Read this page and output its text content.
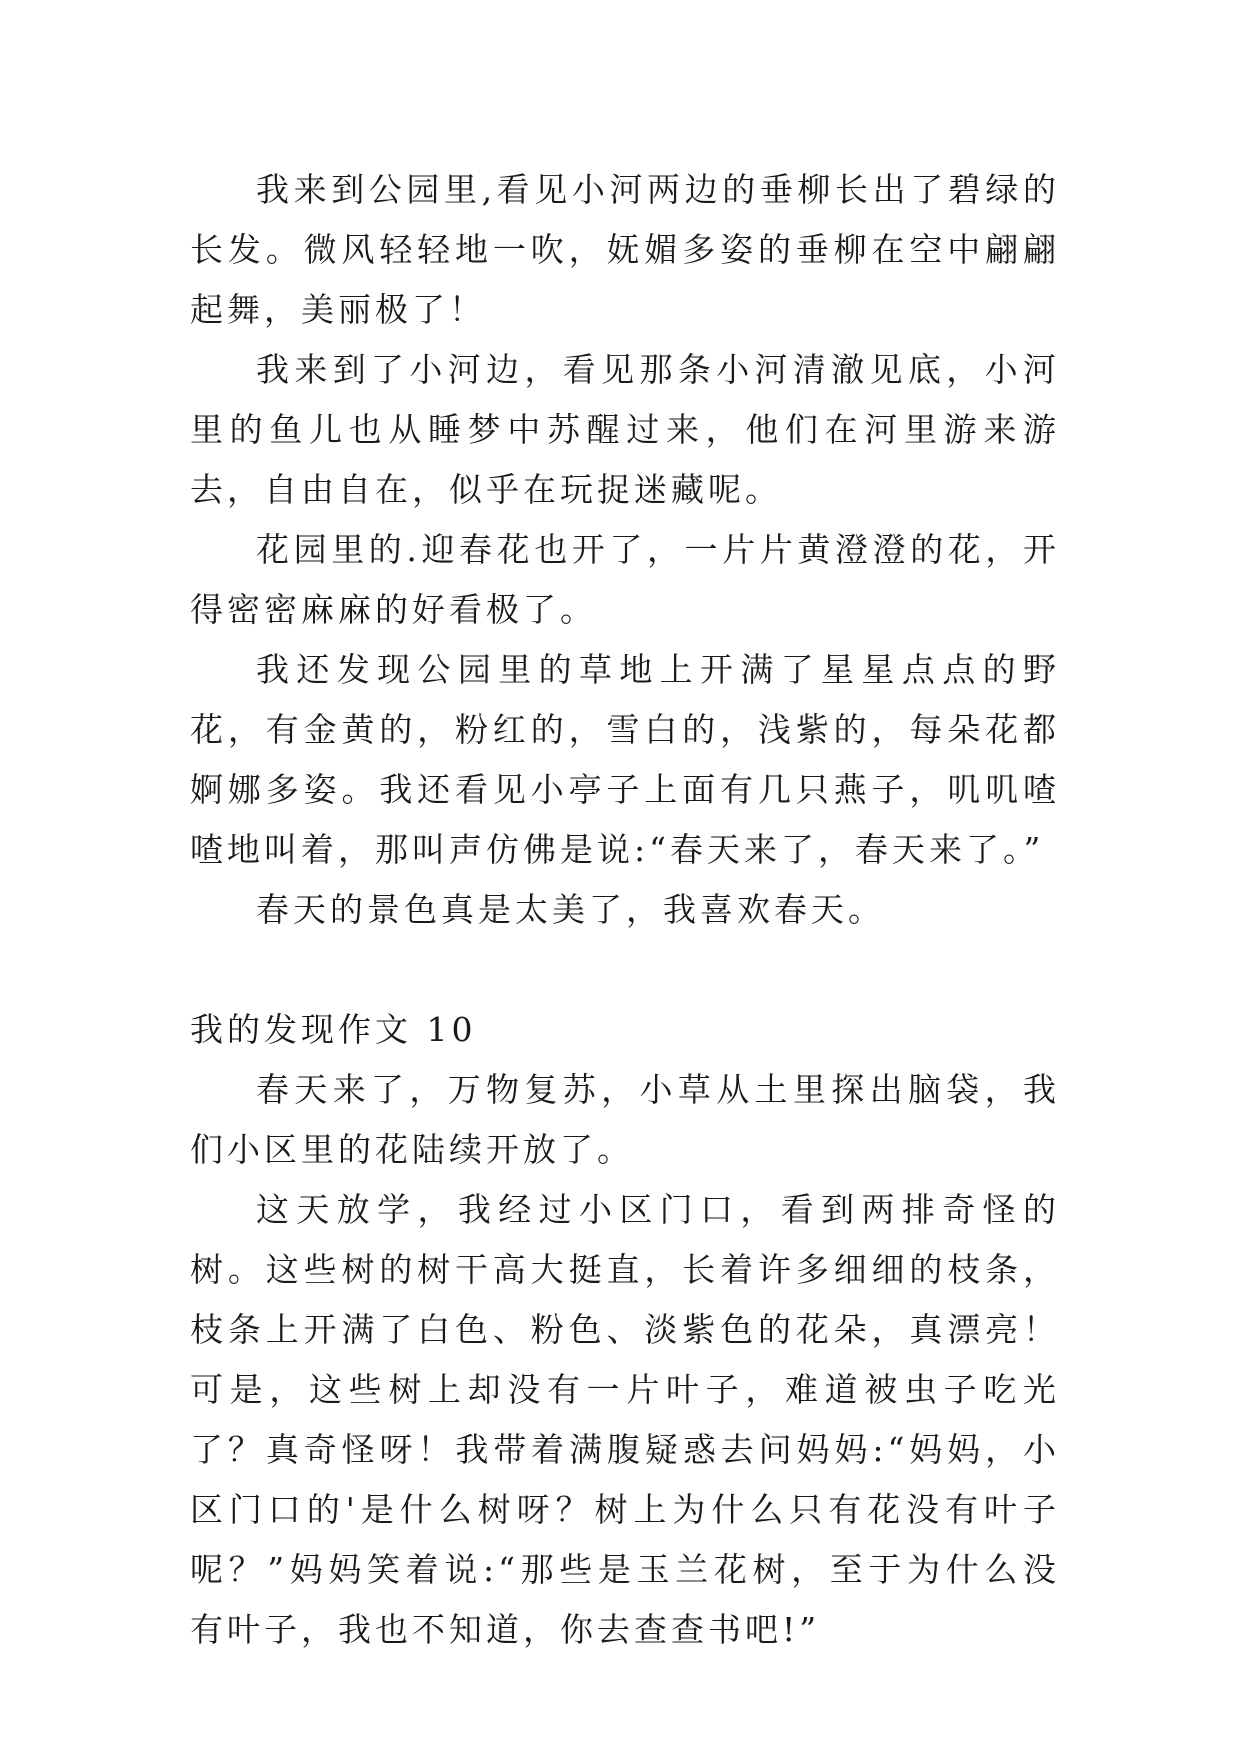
我来到公园里,看见小河两边的垂柳长出了碧绿的长发。微风轻轻地一吹，妩媚多姿的垂柳在空中翩翩起舞，美丽极了！

我来到了小河边，看见那条小河清澈见底，小河里的鱼儿也从睡梦中苏醒过来，他们在河里游来游去，自由自在，似乎在玩捉迷藏呢。

花园里的.迎春花也开了，一片片黄澄澄的花，开得密密麻麻的好看极了。

我还发现公园里的草地上开满了星星点点的野花，有金黄的，粉红的，雪白的，浅紫的，每朵花都婀娜多姿。我还看见小亭子上面有几只燕子，叽叽喳喳地叫着，那叫声仿佛是说:“春天来了，春天来了。”

春天的景色真是太美了，我喜欢春天。

我的发现作文 10

春天来了，万物复苏，小草从土里探出脑袋，我们小区里的花陆续开放了。

这天放学，我经过小区门口，看到两排奇怪的树。这些树的树干高大挺直，长着许多细细的枝条，枝条上开满了白色、粉色、淡紫色的花朵，真漂亮！可是，这些树上却没有一片叶子，难道被虫子吃光了？真奇怪呀！我带着满腹疑惑去问妈妈:“妈妈，小区门口的'是什么树呀？树上为什么只有花没有叶子呢？”妈妈笑着说:“那些是玉兰花树，至于为什么没有叶子，我也不知道，你去查查书吧!”
